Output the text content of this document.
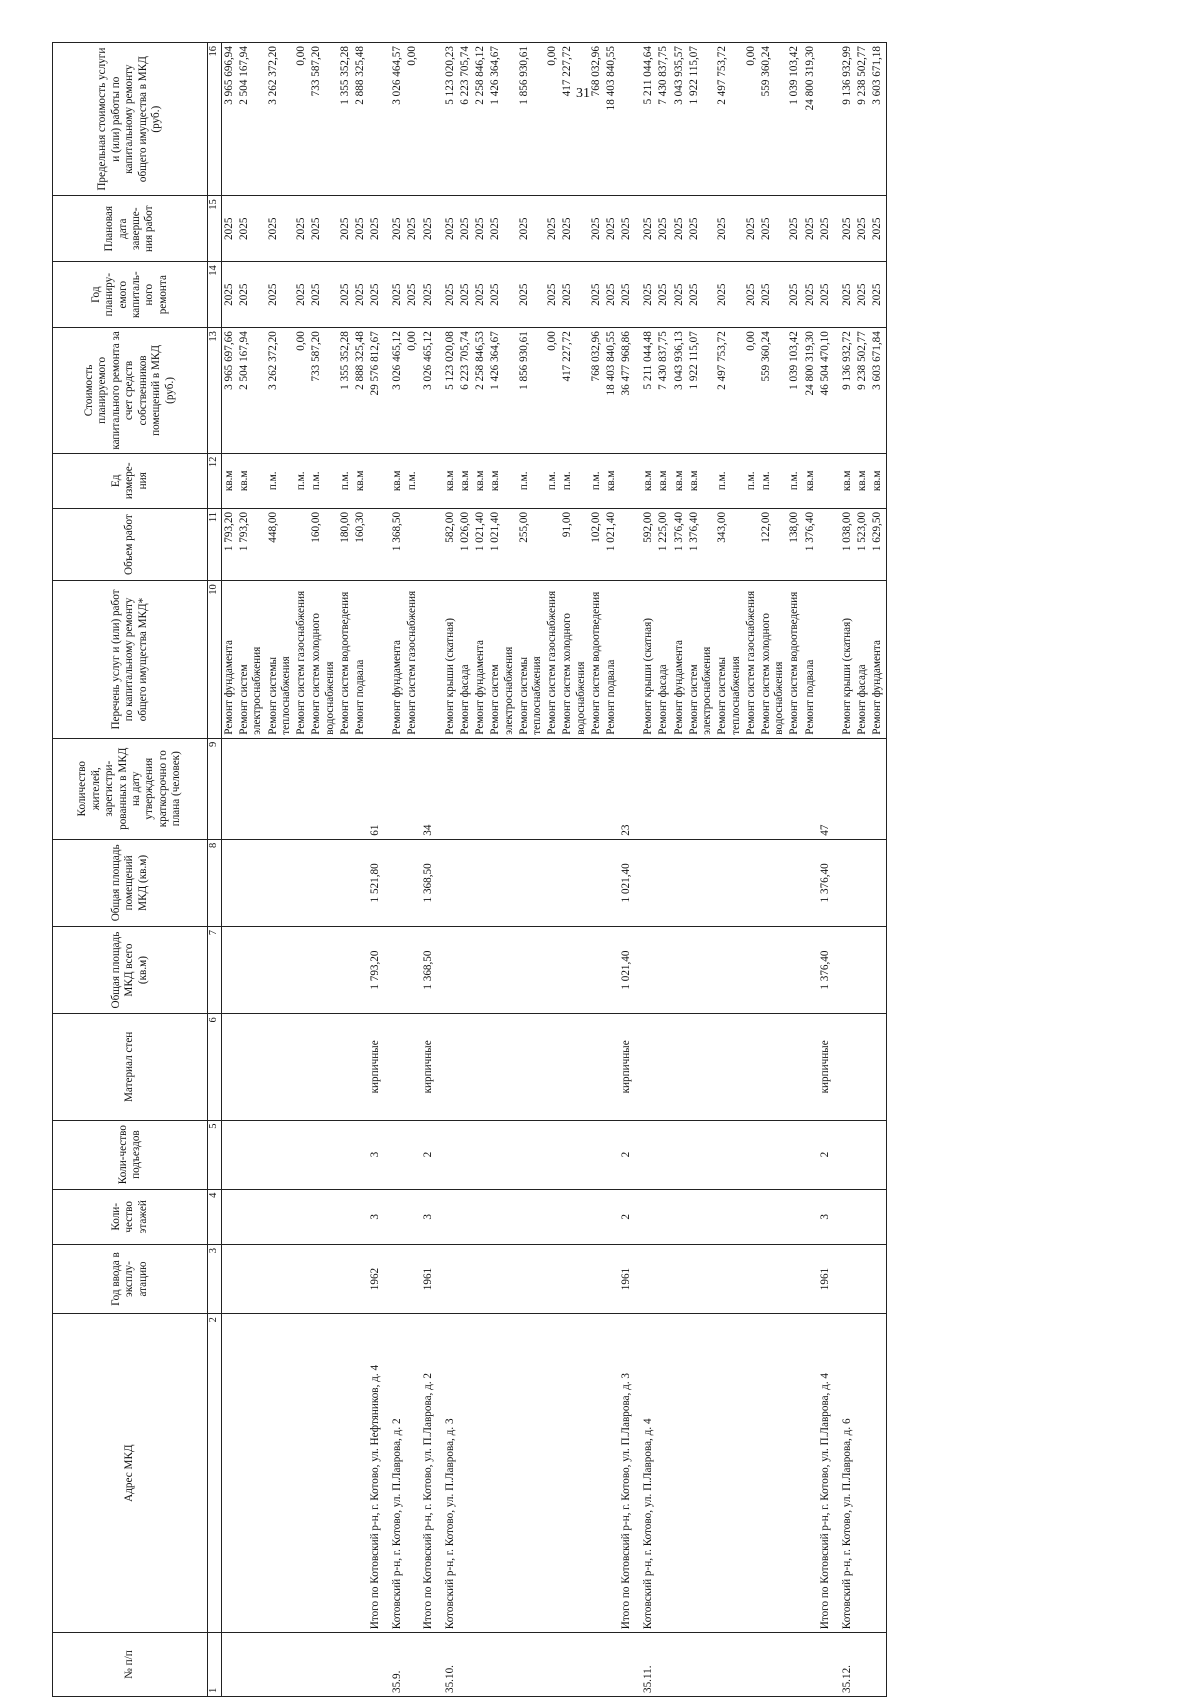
31
№ п/п	Адрес МКД	Год ввода в эксплу-атацию	Коли-чество этажей	Коли-чество подъездов	Материал стен	Общая площадь МКД всего (кв.м)	Общая площадь помещений МКД (кв.м)	Количество жителей, зарегистри-рованных в МКД на дату утверждения краткосрочно го плана (человек)	Перечень услуг и (или) работ по капитальному ремонту общего имущества МКД*	Объем работ	Ед измере-ния	Стоимость планируемого капитального ремонта за счет средств собственников помещений в МКД (руб.)	Год планиру-емого капиталь-ного ремонта	Плановая дата заверше-ния работ	Предельная стоимость услуги и (или) работы по капитальному ремонту общего имущества в МКД (руб.)
1	2	3	4	5	6	7	8	9	10	11	12	13	14	15	16
									Ремонт фундамента	1 793,20	кв.м	3 965 697,66	2025	2025	3 965 696,94
									Ремонт систем электроснабжения	1 793,20	кв.м	2 504 167,94	2025	2025	2 504 167,94
									Ремонт системы теплоснабжения	448,00	п.м.	3 262 372,20	2025	2025	3 262 372,20
									Ремонт систем газоснабжения		п.м.	0,00	2025	2025	0,00
									Ремонт систем холодного водоснабжения	160,00	п.м.	733 587,20	2025	2025	733 587,20
									Ремонт систем водоотведения	180,00	п.м.	1 355 352,28	2025	2025	1 355 352,28
									Ремонт подвала	160,30	кв.м	2 888 325,48	2025	2025	2 888 325,48
	Итого по Котовский р-н, г. Котово, ул. Нефтяников, д. 4	1962	3	3	кирпичные	1 793,20	1 521,80	61				29 576 812,67	2025	2025	

35.9.	Котовский р-н, г. Котово, ул. П.Лаврова, д. 2								Ремонт фундамента	1 368,50	кв.м	3 026 465,12	2025	2025	3 026 464,57
									Ремонт систем газоснабжения		п.м.	0,00	2025	2025	0,00
	Итого по Котовский р-н, г. Котово, ул. П.Лаврова, д. 2	1961	3	2	кирпичные	1 368,50	1 368,50	34				3 026 465,12	2025	2025	

35.10.	Котовский р-н, г. Котово, ул. П.Лаврова, д. 3								Ремонт крыши (скатная)	582,00	кв.м	5 123 020,08	2025	2025	5 123 020,23
									Ремонт фасада	1 026,00	кв.м	6 223 705,74	2025	2025	6 223 705,74
									Ремонт фундамента	1 021,40	кв.м	2 258 846,53	2025	2025	2 258 846,12
									Ремонт систем электроснабжения	1 021,40	кв.м	1 426 364,67	2025	2025	1 426 364,67
									Ремонт системы теплоснабжения	255,00	п.м.	1 856 930,61	2025	2025	1 856 930,61
									Ремонт систем газоснабжения		п.м.	0,00	2025	2025	0,00
									Ремонт систем холодного водоснабжения	91,00	п.м.	417 227,72	2025	2025	417 227,72
									Ремонт систем водоотведения	102,00	п.м.	768 032,96	2025	2025	768 032,96
									Ремонт подвала	1 021,40	кв.м	18 403 840,55	2025	2025	18 403 840,55
	Итого по Котовский р-н, г. Котово, ул. П.Лаврова, д. 3	1961	2	2	кирпичные	1 021,40	1 021,40	23				36 477 968,86	2025	2025	

35.11.	Котовский р-н, г. Котово, ул. П.Лаврова, д. 4								Ремонт крыши (скатная)	592,00	кв.м	5 211 044,48	2025	2025	5 211 044,64
									Ремонт фасада	1 225,00	кв.м	7 430 837,75	2025	2025	7 430 837,75
									Ремонт фундамента	1 376,40	кв.м	3 043 936,13	2025	2025	3 043 935,57
									Ремонт систем электроснабжения	1 376,40	кв.м	1 922 115,07	2025	2025	1 922 115,07
									Ремонт системы теплоснабжения	343,00	п.м.	2 497 753,72	2025	2025	2 497 753,72
									Ремонт систем газоснабжения		п.м.	0,00	2025	2025	0,00
									Ремонт систем холодного водоснабжения	122,00	п.м.	559 360,24	2025	2025	559 360,24
									Ремонт систем водоотведения	138,00	п.м.	1 039 103,42	2025	2025	1 039 103,42
									Ремонт подвала	1 376,40	кв.м	24 800 319,30	2025	2025	24 800 319,30
	Итого по Котовский р-н, г. Котово, ул. П.Лаврова, д. 4	1961	3	2	кирпичные	1 376,40	1 376,40	47				46 504 470,10	2025	2025	

35.12.	Котовский р-н, г. Котово, ул. П.Лаврова, д. 6								Ремонт крыши (скатная)	1 038,00	кв.м	9 136 932,72	2025	2025	9 136 932,99
									Ремонт фасада	1 523,00	кв.м	9 238 502,77	2025	2025	9 238 502,77
									Ремонт фундамента	1 629,50	кв.м	3 603 671,84	2025	2025	3 603 671,18
